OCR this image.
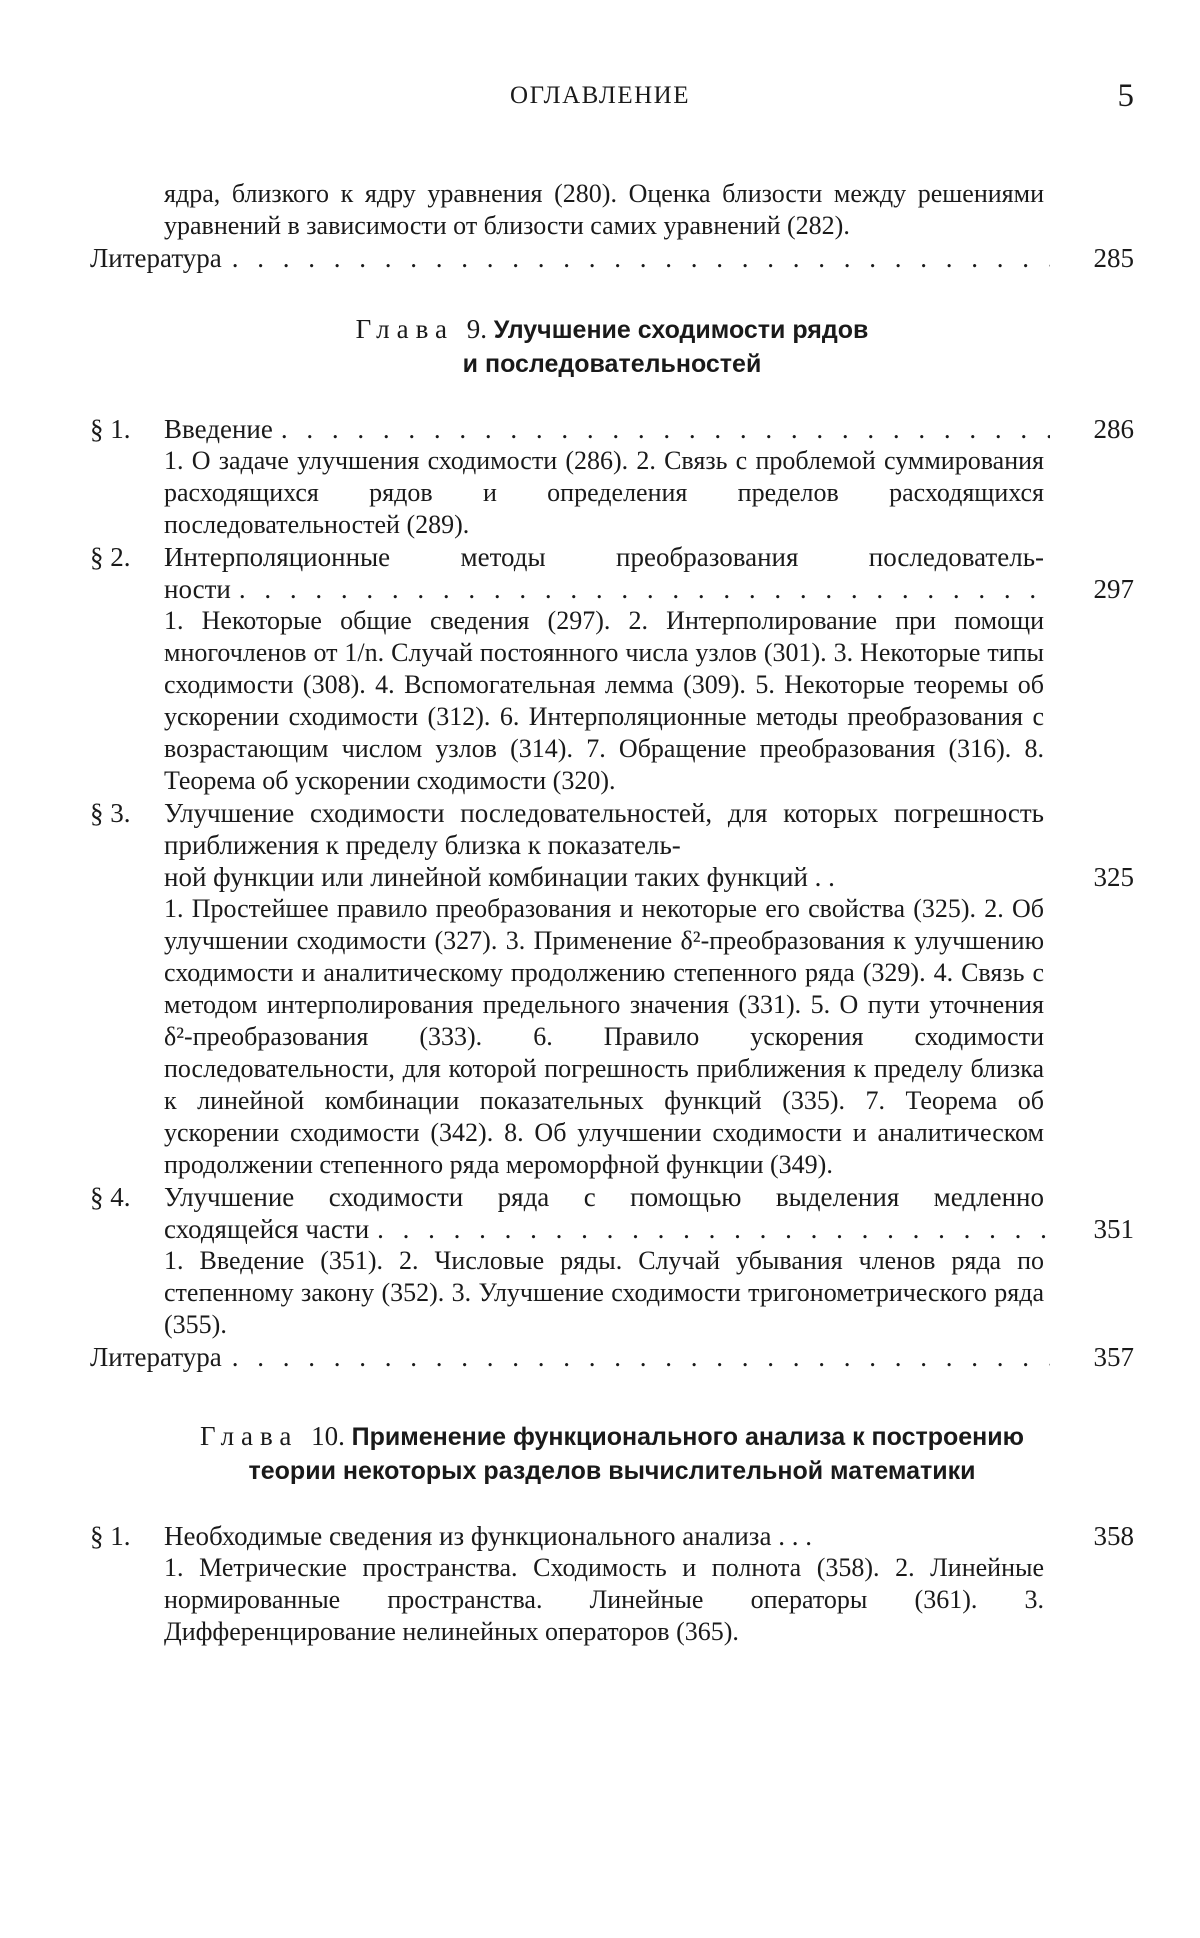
ОГЛАВЛЕНИЕ	5
ядра, близкого к ядру уравнения (280). Оценка близости между решениями уравнений в зависимости от близости самих уравнений (282).
Литература . . .	285
Глава 9. Улучшение сходимости рядов
и последовательностей
§ 1.	Введение . . .	286
1. О задаче улучшения сходимости (286). 2. Связь с проблемой суммирования расходящихся рядов и определения пределов расходящихся последовательностей (289).
§ 2.	Интерполяционные методы преобразования последователь-
ности . . .	297
1. Некоторые общие сведения (297). 2. Интерполирование при помощи многочленов от 1/n. Случай постоянного числа узлов (301). 3. Некоторые типы сходимости (308). 4. Вспомогательная лемма (309). 5. Некоторые теоремы об ускорении сходимости (312). 6. Интерполяционные методы преобразования с возрастающим числом узлов (314). 7. Обращение преобразования (316). 8. Теорема об ускорении сходимости (320).
§ 3.	Улучшение сходимости последовательностей, для которых погрешность приближения к пределу близка к показатель-
ной функции или линейной комбинации таких функций . .	325
1. Простейшее правило преобразования и некоторые его свойства (325). 2. Об улучшении сходимости (327). 3. Применение δ²-преобразования к улучшению сходимости и аналитическому продолжению степенного ряда (329). 4. Связь с методом интерполирования предельного значения (331). 5. О пути уточнения δ²-преобразования (333). 6. Правило ускорения сходимости последовательности, для которой погрешность приближения к пределу близка к линейной комбинации показательных функций (335). 7. Теорема об ускорении сходимости (342). 8. Об улучшении сходимости и аналитическом продолжении степенного ряда мероморфной функции (349).
§ 4.	Улучшение сходимости ряда с помощью выделения медленно
сходящейся части . . .	351
1. Введение (351). 2. Числовые ряды. Случай убывания членов ряда по степенному закону (352). 3. Улучшение сходимости тригонометрического ряда (355).
Литература . . .	357
Глава 10. Применение функционального анализа к построению
теории некоторых разделов вычислительной математики
§ 1.	Необходимые сведения из функционального анализа . . .	358
1. Метрические пространства. Сходимость и полнота (358). 2. Линейные нормированные пространства. Линейные операторы (361). 3. Дифференцирование нелинейных операторов (365).
